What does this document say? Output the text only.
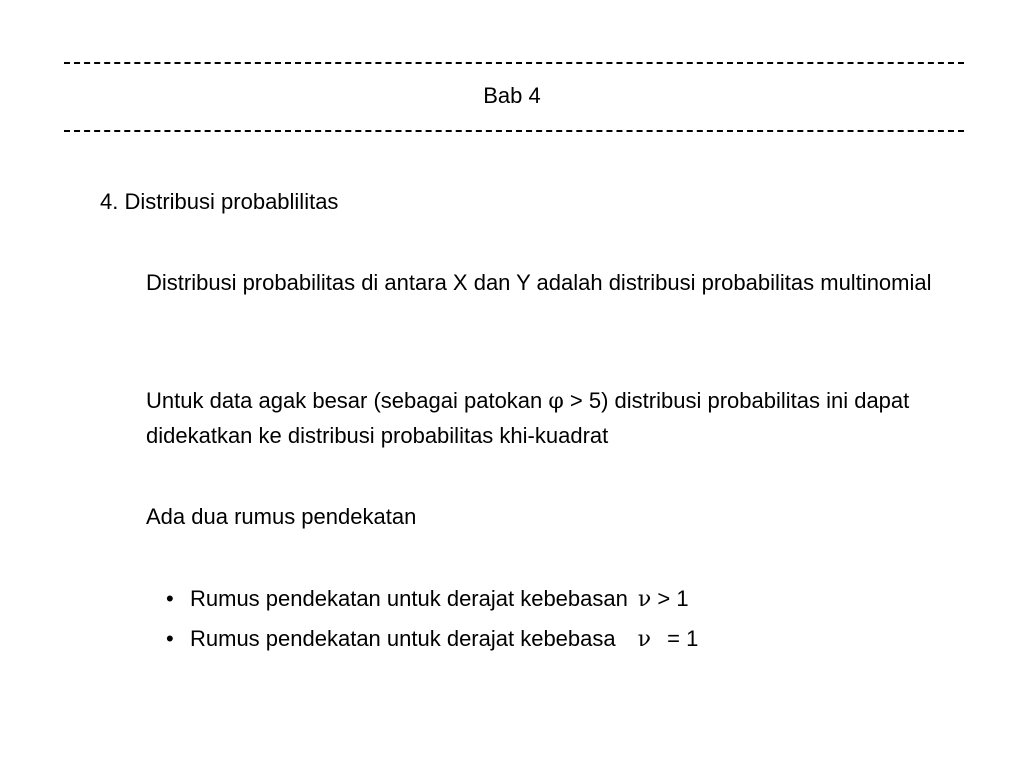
Bab 4
4. Distribusi probablilitas
Distribusi probabilitas di antara X dan Y adalah distribusi probabilitas multinomial
Untuk data agak besar (sebagai patokan φ > 5) distribusi probabilitas ini dapat didekatkan ke distribusi probabilitas khi-kuadrat
Ada dua rumus pendekatan
• Rumus pendekatan untuk derajat kebebasan ν > 1
• Rumus pendekatan untuk derajat kebebasa ν = 1
